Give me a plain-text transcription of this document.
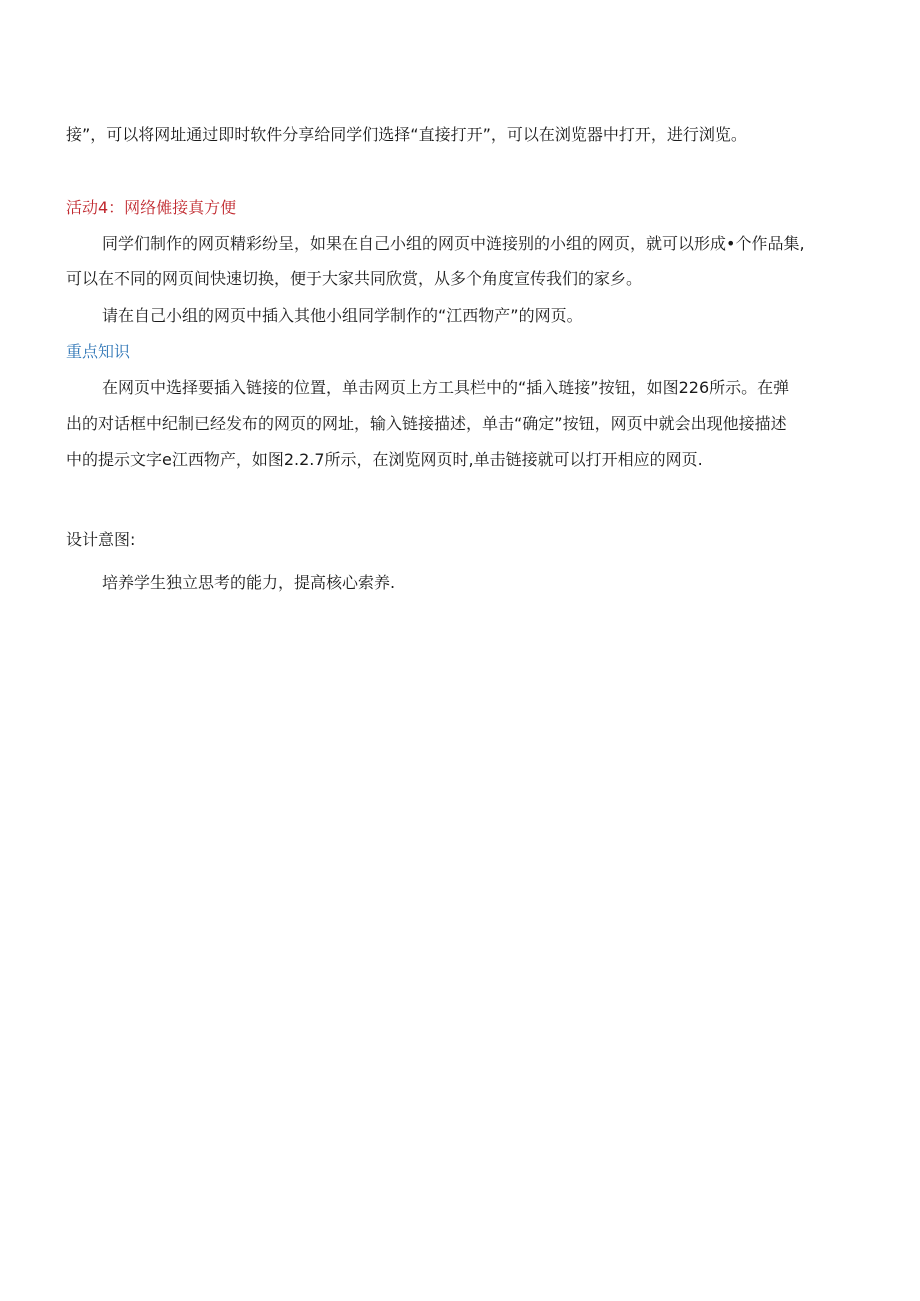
接”，可以将网址通过即时软件分享给同学们选择“直接打开”，可以在浏览器中打开，进行浏览。
活动4：网络傩接真方便
同学们制作的网页精彩纷呈，如果在自己小组的网页中涟接别的小组的网页，就可以形成•个作品集,
可以在不同的网页间快速切换，便于大家共同欣赏，从多个角度宣传我们的家乡。
请在自己小组的网页中插入其他小组同学制作的“江西物产”的网页。
重点知识
在网页中选择要插入链接的位置，单击网页上方工具栏中的“插入琏接”按钮，如图226所示。在弹
出的对话框中纪制已经发布的网页的网址，输入链接描述，单击“确定”按钮，网页中就会出现他接描述
中的提示文字e江西物产，如图2.2.7所示，在浏览网页时,单击链接就可以打开相应的网页.
设计意图:
培养学生独立思考的能力，提高核心索养.
